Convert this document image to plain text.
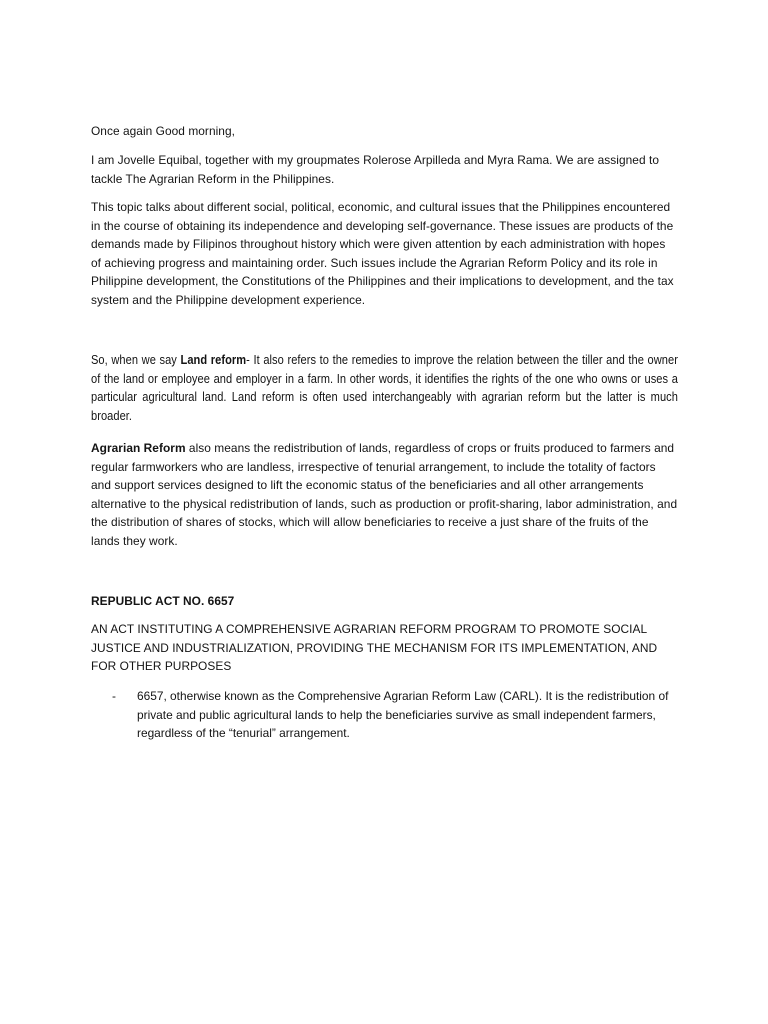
Once again Good morning,

I am Jovelle Equibal, together with my groupmates Rolerose Arpilleda and Myra Rama. We are assigned to tackle The Agrarian Reform in the Philippines.

This topic talks about different social, political, economic, and cultural issues that the Philippines encountered in the course of obtaining its independence and developing self-governance. These issues are products of the demands made by Filipinos throughout history which were given attention by each administration with hopes of achieving progress and maintaining order. Such issues include the Agrarian Reform Policy and its role in Philippine development, the Constitutions of the Philippines and their implications to development, and the tax system and the Philippine development experience.

So, when we say Land reform- It also refers to the remedies to improve the relation between the tiller and the owner of the land or employee and employer in a farm. In other words, it identifies the rights of the one who owns or uses a particular agricultural land. Land reform is often used interchangeably with agrarian reform but the latter is much broader.

Agrarian Reform also means the redistribution of lands, regardless of crops or fruits produced to farmers and regular farmworkers who are landless, irrespective of tenurial arrangement, to include the totality of factors and support services designed to lift the economic status of the beneficiaries and all other arrangements alternative to the physical redistribution of lands, such as production or profit-sharing, labor administration, and the distribution of shares of stocks, which will allow beneficiaries to receive a just share of the fruits of the lands they work.

REPUBLIC ACT NO. 6657

AN ACT INSTITUTING A COMPREHENSIVE AGRARIAN REFORM PROGRAM TO PROMOTE SOCIAL JUSTICE AND INDUSTRIALIZATION, PROVIDING THE MECHANISM FOR ITS IMPLEMENTATION, AND FOR OTHER PURPOSES

- 6657, otherwise known as the Comprehensive Agrarian Reform Law (CARL). It is the redistribution of private and public agricultural lands to help the beneficiaries survive as small independent farmers, regardless of the “tenurial” arrangement.
